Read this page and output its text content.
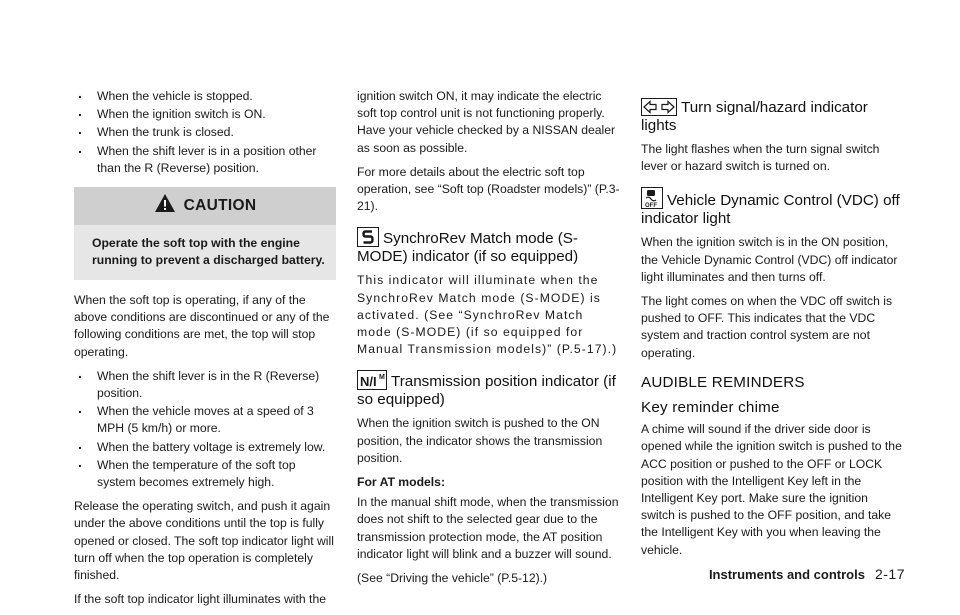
. When the vehicle is stopped.
. When the ignition switch is ON.
. When the trunk is closed.
. When the shift lever is in a position other than the R (Reverse) position.
CAUTION
Operate the soft top with the engine running to prevent a discharged battery.

When the soft top is operating, if any of the above conditions are discontinued or any of the following conditions are met, the top will stop operating.

. When the shift lever is in the R (Reverse) position.
. When the vehicle moves at a speed of 3 MPH (5 km/h) or more.
. When the battery voltage is extremely low.
. When the temperature of the soft top system becomes extremely high.

Release the operating switch, and push it again under the above conditions until the top is fully opened or closed. The soft top indicator light will turn off when the top operation is completely finished.

If the soft top indicator light illuminates with the

ignition switch ON, it may indicate the electric soft top control unit is not functioning properly. Have your vehicle checked by a NISSAN dealer as soon as possible.

For more details about the electric soft top operation, see “Soft top (Roadster models)” (P.3-21).

SynchroRev Match mode (S-MODE) indicator (if so equipped)

This indicator will illuminate when the SynchroRev Match mode (S-MODE) is activated. (See “SynchroRev Match mode (S-MODE) (if so equipped for Manual Transmission models)” (P.5-17).)

N/I M Transmission position indicator (if so equipped)

When the ignition switch is pushed to the ON position, the indicator shows the transmission position.

For AT models:

In the manual shift mode, when the transmission does not shift to the selected gear due to the transmission protection mode, the AT position indicator light will blink and a buzzer will sound.

(See “Driving the vehicle” (P.5-12).)

Turn signal/hazard indicator lights

The light flashes when the turn signal switch lever or hazard switch is turned on.

OFF Vehicle Dynamic Control (VDC) off indicator light

When the ignition switch is in the ON position, the Vehicle Dynamic Control (VDC) off indicator light illuminates and then turns off.

The light comes on when the VDC off switch is pushed to OFF. This indicates that the VDC system and traction control system are not operating.

AUDIBLE REMINDERS
Key reminder chime

A chime will sound if the driver side door is opened while the ignition switch is pushed to the ACC position or pushed to the OFF or LOCK position with the Intelligent Key left in the Intelligent Key port. Make sure the ignition switch is pushed to the OFF position, and take the Intelligent Key with you when leaving the vehicle.

Instruments and controls 2-17
